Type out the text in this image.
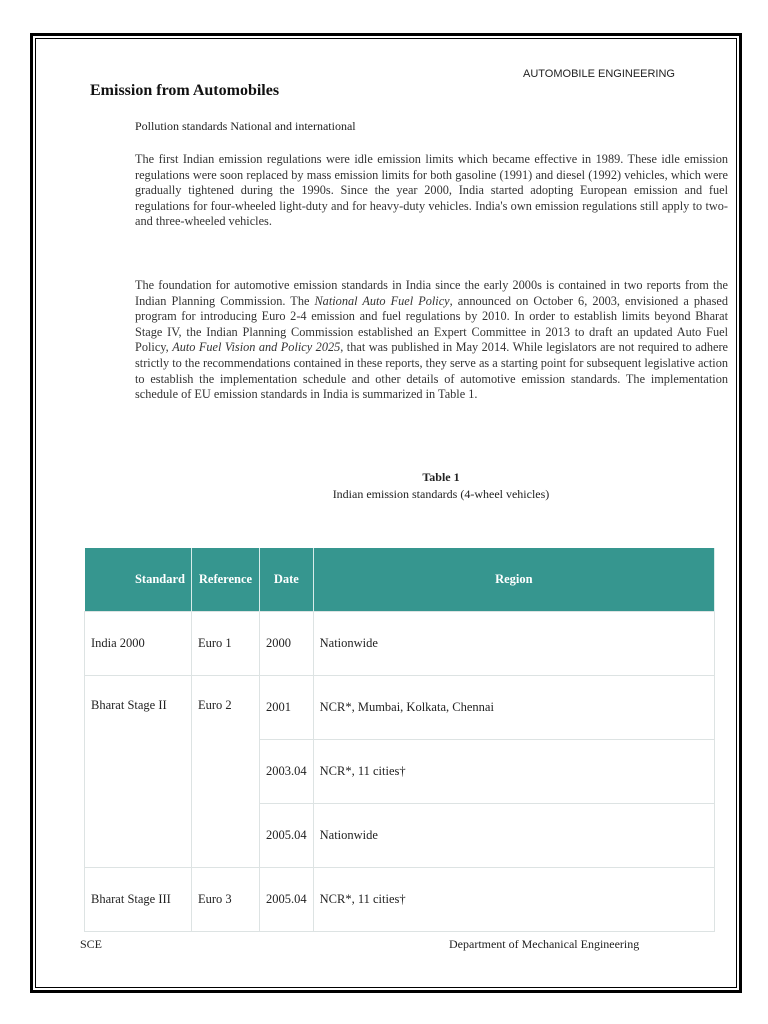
AUTOMOBILE ENGINEERING
Emission from Automobiles

Pollution standards National and international

The first Indian emission regulations were idle emission limits which became effective in 1989. These idle emission regulations were soon replaced by mass emission limits for both gasoline (1991) and diesel (1992) vehicles, which were gradually tightened during the 1990s. Since the year 2000, India started adopting European emission and fuel regulations for four-wheeled light-duty and for heavy-duty vehicles. India's own emission regulations still apply to two- and three-wheeled vehicles.

The foundation for automotive emission standards in India since the early 2000s is contained in two reports from the Indian Planning Commission. The National Auto Fuel Policy, announced on October 6, 2003, envisioned a phased program for introducing Euro 2-4 emission and fuel regulations by 2010. In order to establish limits beyond Bharat Stage IV, the Indian Planning Commission established an Expert Committee in 2013 to draft an updated Auto Fuel Policy, Auto Fuel Vision and Policy 2025, that was published in May 2014. While legislators are not required to adhere strictly to the recommendations contained in these reports, they serve as a starting point for subsequent legislative action to establish the implementation schedule and other details of automotive emission standards. The implementation schedule of EU emission standards in India is summarized in Table 1.

Table 1
Indian emission standards (4-wheel vehicles)
Standard	Reference	Date	Region
India 2000	Euro 1	2000	Nationwide
Bharat Stage II	Euro 2	2001	NCR*, Mumbai, Kolkata, Chennai
		2003.04	NCR*, 11 cities†
		2005.04	Nationwide
Bharat Stage III	Euro 3	2005.04	NCR*, 11 cities†
SCE	Department of Mechanical Engineering
